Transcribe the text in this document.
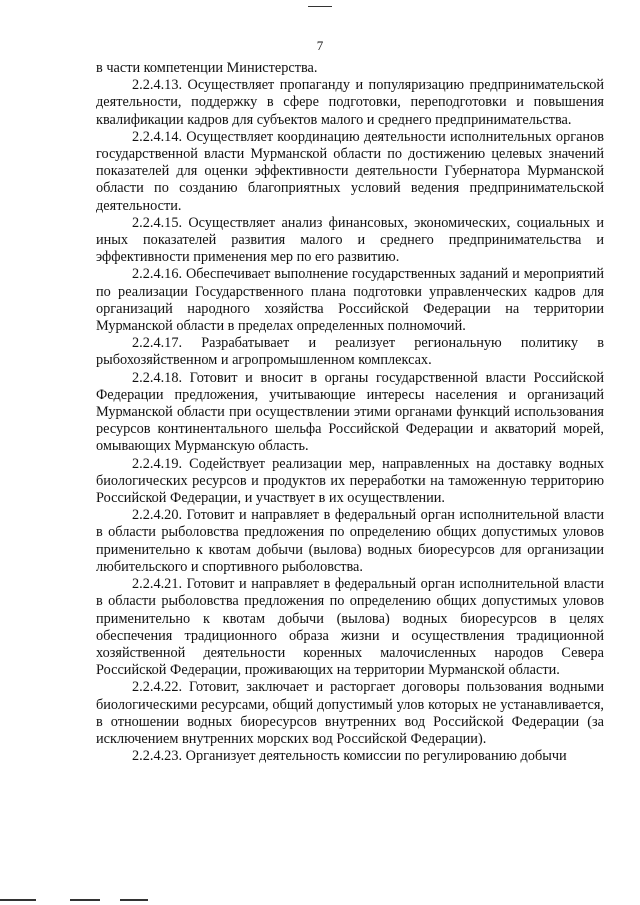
7

в части компетенции Министерства.

2.2.4.13. Осуществляет пропаганду и популяризацию предпринимательской деятельности, поддержку в сфере подготовки, переподготовки и повышения квалификации кадров для субъектов малого и среднего предпринимательства.

2.2.4.14. Осуществляет координацию деятельности исполнительных органов государственной власти Мурманской области по достижению целевых значений показателей для оценки эффективности деятельности Губернатора Мурманской области по созданию благоприятных условий ведения предпринимательской деятельности.

2.2.4.15. Осуществляет анализ финансовых, экономических, социальных и иных показателей развития малого и среднего предпринимательства и эффективности применения мер по его развитию.

2.2.4.16. Обеспечивает выполнение государственных заданий и мероприятий по реализации Государственного плана подготовки управленческих кадров для организаций народного хозяйства Российской Федерации на территории Мурманской области в пределах определенных полномочий.

2.2.4.17. Разрабатывает и реализует региональную политику в рыбохозяйственном и агропромышленном комплексах.

2.2.4.18. Готовит и вносит в органы государственной власти Российской Федерации предложения, учитывающие интересы населения и организаций Мурманской области при осуществлении этими органами функций использования ресурсов континентального шельфа Российской Федерации и акваторий морей, омывающих Мурманскую область.

2.2.4.19. Содействует реализации мер, направленных на доставку водных биологических ресурсов и продуктов их переработки на таможенную территорию Российской Федерации, и участвует в их осуществлении.

2.2.4.20. Готовит и направляет в федеральный орган исполнительной власти в области рыболовства предложения по определению общих допустимых уловов применительно к квотам добычи (вылова) водных биоресурсов для организации любительского и спортивного рыболовства.

2.2.4.21. Готовит и направляет в федеральный орган исполнительной власти в области рыболовства предложения по определению общих допустимых уловов применительно к квотам добычи (вылова) водных биоресурсов в целях обеспечения традиционного образа жизни и осуществления традиционной хозяйственной деятельности коренных малочисленных народов Севера Российской Федерации, проживающих на территории Мурманской области.

2.2.4.22. Готовит, заключает и расторгает договоры пользования водными биологическими ресурсами, общий допустимый улов которых не устанавливается, в отношении водных биоресурсов внутренних вод Российской Федерации (за исключением внутренних морских вод Российской Федерации).

2.2.4.23. Организует деятельность комиссии по регулированию добычи
